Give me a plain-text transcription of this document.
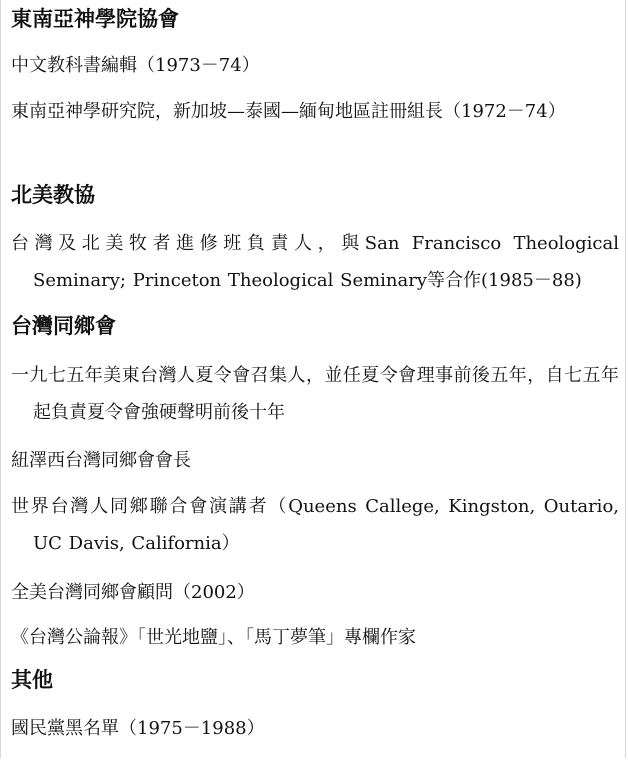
東南亞神學院協會
中文教科書編輯（1973－74）
東南亞神學研究院，新加坡—泰國—緬甸地區註冊組長（1972－74）
北美教協
台灣及北美牧者進修班負責人，與San Francisco Theological Seminary; Princeton Theological Seminary等合作(1985－88)
台灣同鄉會
一九七五年美東台灣人夏令會召集人，並任夏令會理事前後五年，自七五年起負責夏令會強硬聲明前後十年
紐澤西台灣同鄉會會長
世界台灣人同鄉聯合會演講者（Queens Callege, Kingston, Outario, UC Davis, California）
全美台灣同鄉會顧問（2002）
《台灣公論報》「世光地鹽」、「馬丁夢筆」專欄作家
其他
國民黨黑名單（1975－1988）
